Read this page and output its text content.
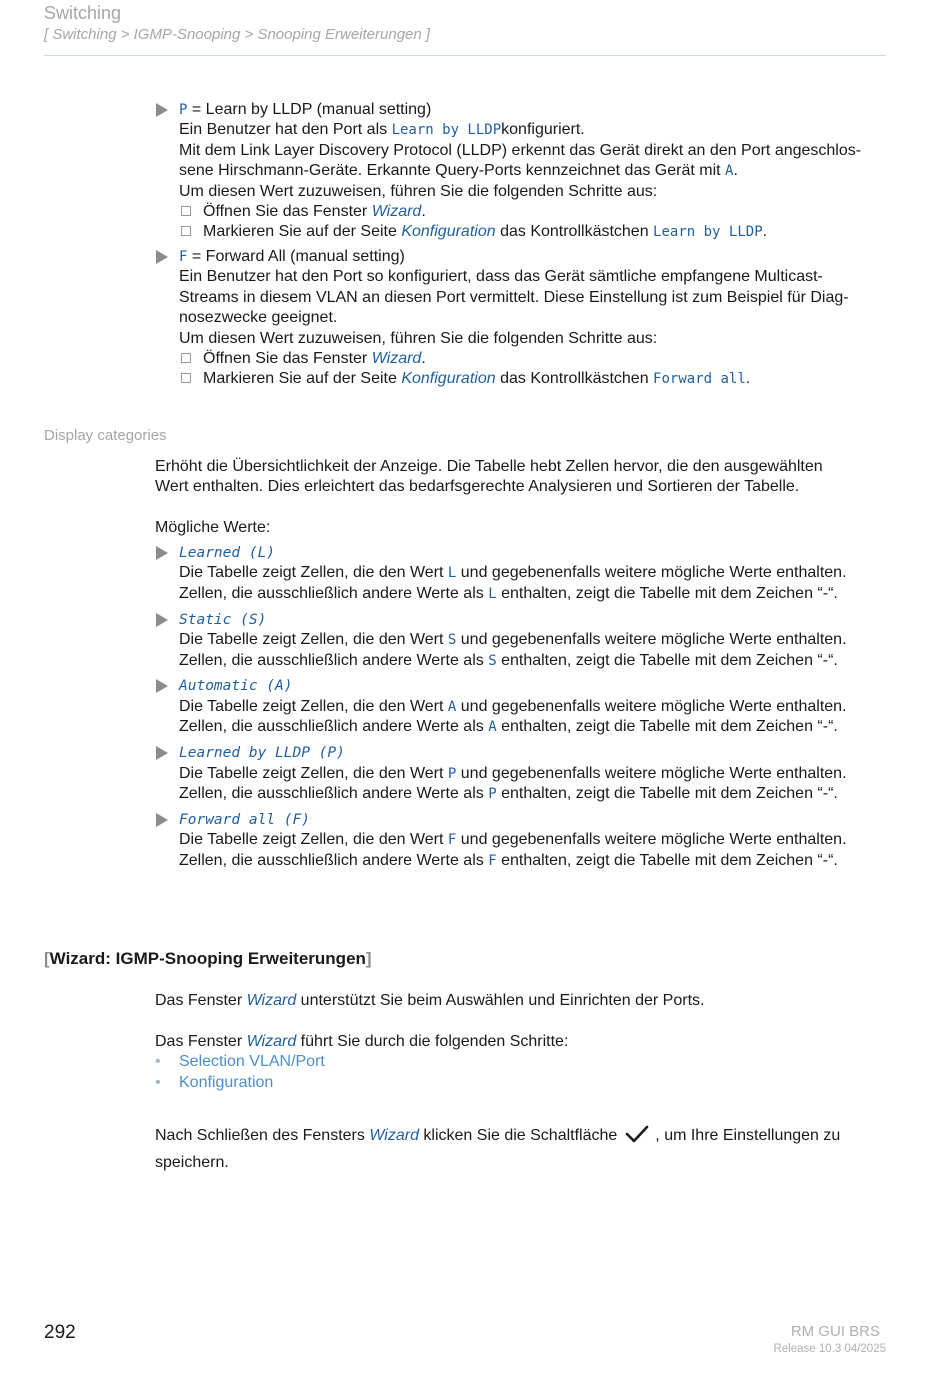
Switching
[ Switching > IGMP-Snooping > Snooping Erweiterungen ]

P = Learn by LLDP (manual setting)

Ein Benutzer hat den Port als Learn by LLDPkonfiguriert.

Mit dem Link Layer Discovery Protocol (LLDP) erkennt das Gerät direkt an den Port angeschlos-

sene Hirschmann-Geräte. Erkannte Query-Ports kennzeichnet das Gerät mit A.

Um diesen Wert zuzuweisen, führen Sie die folgenden Schritte aus:

Öffnen Sie das Fenster Wizard.
Markieren Sie auf der Seite Konfiguration das Kontrollkästchen Learn by LLDP.

F = Forward All (manual setting)

Ein Benutzer hat den Port so konfiguriert, dass das Gerät sämtliche empfangene Multicast-

Streams in diesem VLAN an diesen Port vermittelt. Diese Einstellung ist zum Beispiel für Diag-

nosezwecke geeignet.

Um diesen Wert zuzuweisen, führen Sie die folgenden Schritte aus:

Öffnen Sie das Fenster Wizard.
Markieren Sie auf der Seite Konfiguration das Kontrollkästchen Forward all.
Display categories

Erhöht die Übersichtlichkeit der Anzeige. Die Tabelle hebt Zellen hervor, die den ausgewählten

Wert enthalten. Dies erleichtert das bedarfsgerechte Analysieren und Sortieren der Tabelle.

Mögliche Werte:

Learned (L)

Die Tabelle zeigt Zellen, die den Wert L und gegebenenfalls weitere mögliche Werte enthalten.

Zellen, die ausschließlich andere Werte als L enthalten, zeigt die Tabelle mit dem Zeichen “-“.

Static (S)

Die Tabelle zeigt Zellen, die den Wert S und gegebenenfalls weitere mögliche Werte enthalten.

Zellen, die ausschließlich andere Werte als S enthalten, zeigt die Tabelle mit dem Zeichen “-“.

Automatic (A)

Die Tabelle zeigt Zellen, die den Wert A und gegebenenfalls weitere mögliche Werte enthalten.

Zellen, die ausschließlich andere Werte als A enthalten, zeigt die Tabelle mit dem Zeichen “-“.

Learned by LLDP (P)

Die Tabelle zeigt Zellen, die den Wert P und gegebenenfalls weitere mögliche Werte enthalten.

Zellen, die ausschließlich andere Werte als P enthalten, zeigt die Tabelle mit dem Zeichen “-“.

Forward all (F)

Die Tabelle zeigt Zellen, die den Wert F und gegebenenfalls weitere mögliche Werte enthalten.

Zellen, die ausschließlich andere Werte als F enthalten, zeigt die Tabelle mit dem Zeichen “-“.

[Wizard: IGMP-Snooping Erweiterungen]

Das Fenster Wizard unterstützt Sie beim Auswählen und Einrichten der Ports.

Das Fenster Wizard führt Sie durch die folgenden Schritte:

• Selection VLAN/Port
• Konfiguration

Nach Schließen des Fensters Wizard klicken Sie die Schaltfläche , um Ihre Einstellungen zu

speichern.

292	RM GUI BRS
Release 10.3 04/2025
